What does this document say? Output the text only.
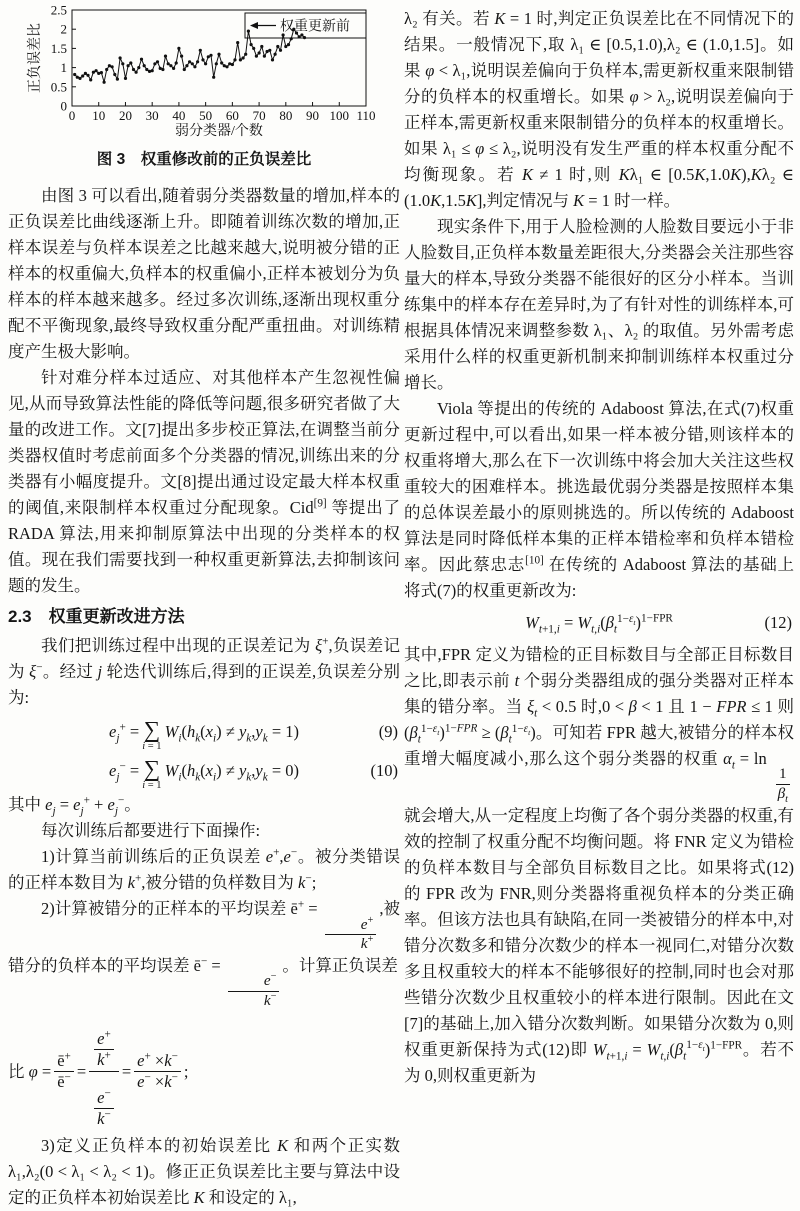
0 10 20 30 40 50 60 70 80 90 100 110
0
0.5
1
1.5
2
2.5
弱分类器/个数
正负误差比	权重更新前
图 3　权重修改前的正负误差比

由图 3 可以看出,随着弱分类器数量的增加,样本的正负误差比曲线逐渐上升。即随着训练次数的增加,正样本误差与负样本误差之比越来越大,说明被分错的正样本的权重偏大,负样本的权重偏小,正样本被划分为负样本的样本越来越多。经过多次训练,逐渐出现权重分配不平衡现象,最终导致权重分配严重扭曲。对训练精度产生极大影响。

针对难分样本过适应、对其他样本产生忽视性偏见,从而导致算法性能的降低等问题,很多研究者做了大量的改进工作。文[7]提出多步校正算法,在调整当前分类器权值时考虑前面多个分类器的情况,训练出来的分类器有小幅度提升。文[8]提出通过设定最大样本权重的阈值,来限制样本权重过分配现象。Cid[9] 等提出了 RADA 算法,用来抑制原算法中出现的分类样本的权值。现在我们需要找到一种权重更新算法,去抑制该问题的发生。

2.3　权重更新改进方法

我们把训练过程中出现的正误差记为 ξ+,负误差记为 ξ−。经过 j 轮迭代训练后,得到的正误差,负误差分别为:

$e_j^+$ = ∑
i = 1
$W_i(h_k(x_i) \ne y_k,y_k = 1)$	(9)
$e_j^-$ = ∑
i = 1
$W_i(h_k(x_i) \ne y_k,y_k = 0)$	(10)

其中 $e_j = e_j^+ + e_j^-$。

每次训练后都要进行下面操作:

1)计算当前训练后的正负误差 e+,e−。被分类错误的正样本数目为 k+,被分错的负样数目为 k−;

2)计算被错分的正样本的平均误差 ē+ =
$\frac{e^+}{k^+}$
,被错分的负样本的平均误差 ē− =
$\frac{e^-}{k^-}$
。计算正负误差

比 $\varphi = \frac{ē^+}{ē^-} = \frac{\frac{e^+}{k^+}}{\frac{e^-}{k^-}} = \frac{e^+ \times k^-}{e^- \times k^-}$ ;

3)定义正负样本的初始误差比 K 和两个正实数 λ₁,λ₂(0 < λ₁ < λ₂ < 1)。修正正负误差比主要与算法中设定的正负样本初始误差比 K 和设定的 λ₁,

λ₂ 有关。若 K = 1 时,判定正负误差比在不同情况下的结果。一般情况下,取 λ₁ ∈ [0.5,1.0),λ₂ ∈ (1.0,1.5]。如果 φ < λ₁,说明误差偏向于负样本,需更新权重来限制错分的负样本的权重增长。如果 φ > λ₂,说明误差偏向于正样本,需更新权重来限制错分的负样本的权重增长。如果 λ₁ ≤ φ ≤ λ₂,说明没有发生严重的样本权重分配不均衡现象。若 K ≠ 1 时,则 Kλ₁ ∈ [0.5K,1.0K),Kλ₂ ∈ (1.0K,1.5K],判定情况与 K = 1 时一样。

现实条件下,用于人脸检测的人脸数目要远小于非人脸数目,正负样本数量差距很大,分类器会关注那些容量大的样本,导致分类器不能很好的区分小样本。当训练集中的样本存在差异时,为了有针对性的训练样本,可根据具体情况来调整参数 λ₁、λ₂ 的取值。另外需考虑采用什么样的权重更新机制来抑制训练样本权重过分增长。

Viola 等提出的传统的 Adaboost 算法,在式(7)权重更新过程中,可以看出,如果一样本被分错,则该样本的权重将增大,那么在下一次训练中将会加大关注这些权重较大的困难样本。挑选最优弱分类器是按照样本集的总体误差最小的原则挑选的。所以传统的 Adaboost 算法是同时降低样本集的正样本错检率和负样本错检率。因此蔡忠志[10] 在传统的 Adaboost 算法的基础上将式(7)的权重更新改为:

$W_{t+1,i} = W_{t,i}(\beta_t^{1-\varepsilon_t})^{1-FPR}$	(12)

其中,FPR 定义为错检的正目标数目与全部正目标数目之比,即表示前 t 个弱分类器组成的强分类器对正样本集的错分率。当 $\xi_t < 0.5$ 时,0 < β < 1 且 1 − FPR ≤ 1 则$(\beta_t^{1-\varepsilon_t})^{1-FPR} \ge (\beta_t^{1-\varepsilon_t})$。可知若 FPR 越大,被错分的样本权重增大幅度减小,那么这个弱分类器的权重 $\alpha_t = \ln$
$\frac{1}{\beta_t}$
就会增大,从一定程度上均衡了各个弱分类器的权重,有效的控制了权重分配不均衡问题。将 FNR 定义为错检的负样本数目与全部负目标数目之比。如果将式(12)的 FPR 改为 FNR,则分类器将重视负样本的分类正确率。但该方法也具有缺陷,在同一类被错分的样本中,对错分次数多和错分次数少的样本一视同仁,对错分次数多且权重较大的样本不能够很好的控制,同时也会对那些错分次数少且权重较小的样本进行限制。因此在文[7]的基础上,加入错分次数判断。如果错分次数为 0,则权重更新保持为式(12)即 $W_{t+1,i} = W_{t,i}(\beta_t^{1-\varepsilon_t})^{1-FPR}$。若不为 0,则权重更新为
